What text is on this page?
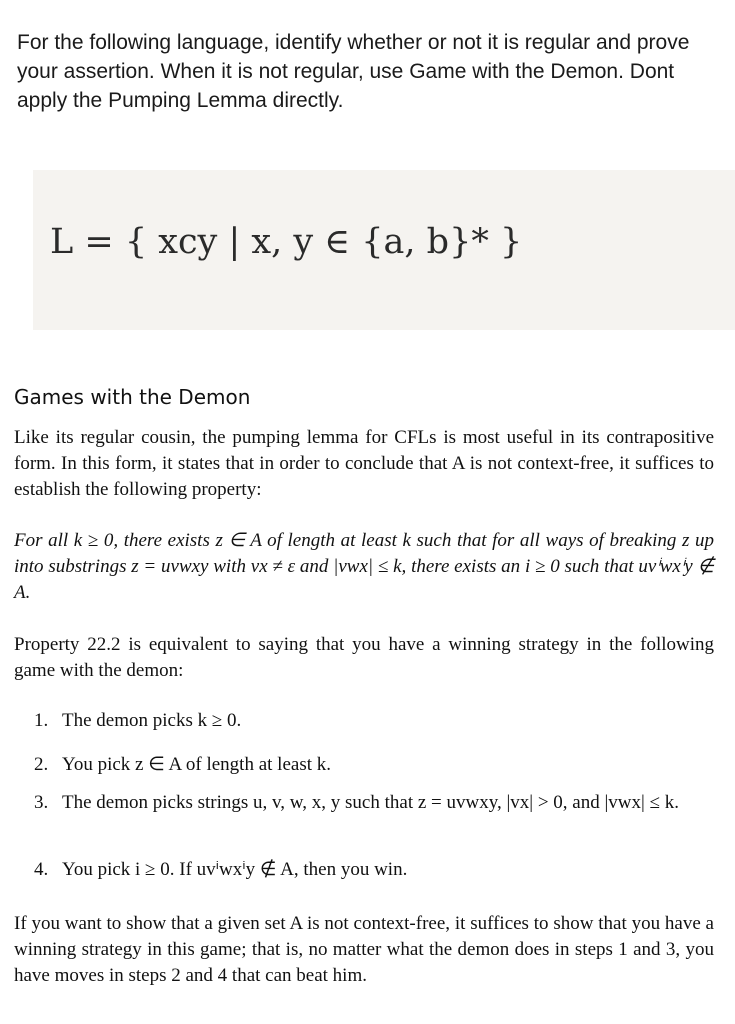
For the following language, identify whether or not it is regular and prove your assertion. When it is not regular, use Game with the Demon. Dont apply the Pumping Lemma directly.
L = { xcy | x, y ∈ {a, b}* }
Games with the Demon
Like its regular cousin, the pumping lemma for CFLs is most useful in its contrapositive form. In this form, it states that in order to conclude that A is not context-free, it suffices to establish the following property:
For all k ≥ 0, there exists z ∈ A of length at least k such that for all ways of breaking z up into substrings z = uvwxy with vx ≠ ε and |vwx| ≤ k, there exists an i ≥ 0 such that uvⁱwxⁱy ∉ A.
Property 22.2 is equivalent to saying that you have a winning strategy in the following game with the demon:
1. The demon picks k ≥ 0.
2. You pick z ∈ A of length at least k.
3. The demon picks strings u, v, w, x, y such that z = uvwxy, |vx| > 0, and |vwx| ≤ k.
4. You pick i ≥ 0. If uvⁱwxⁱy ∉ A, then you win.
If you want to show that a given set A is not context-free, it suffices to show that you have a winning strategy in this game; that is, no matter what the demon does in steps 1 and 3, you have moves in steps 2 and 4 that can beat him.
